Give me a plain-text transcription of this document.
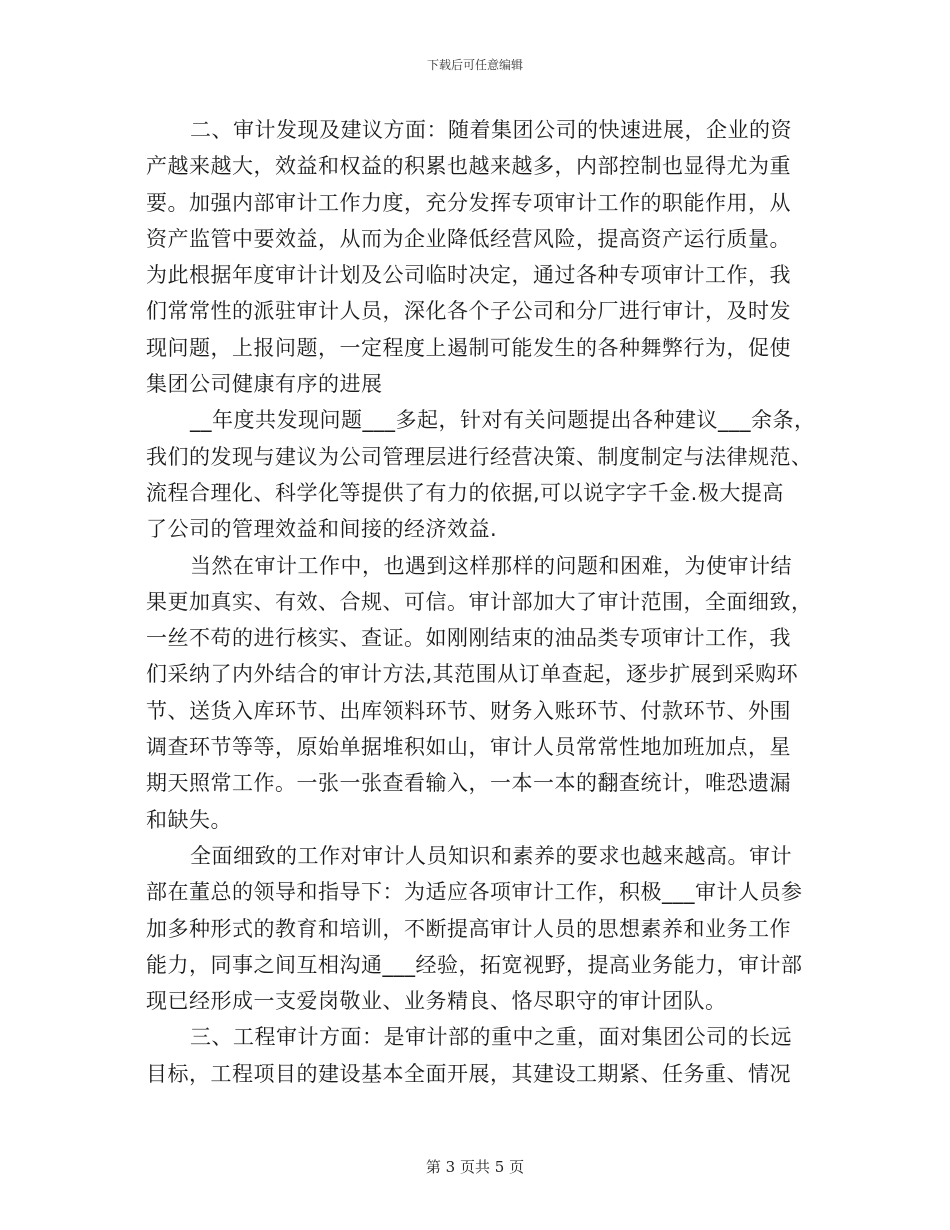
下载后可任意编辑
二、审计发现及建议方面：随着集团公司的快速进展，企业的资
产越来越大，效益和权益的积累也越来越多，内部控制也显得尤为重
要。加强内部审计工作力度，充分发挥专项审计工作的职能作用，从
资产监管中要效益，从而为企业降低经营风险，提高资产运行质量。
为此根据年度审计计划及公司临时决定，通过各种专项审计工作，我
们常常性的派驻审计人员，深化各个子公司和分厂进行审计，及时发
现问题，上报问题，一定程度上遏制可能发生的各种舞弊行为，促使
集团公司健康有序的进展
__年度共发现问题___多起，针对有关问题提出各种建议___余条，
我们的发现与建议为公司管理层进行经营决策、制度制定与法律规范、
流程合理化、科学化等提供了有力的依据,可以说字字千金.极大提高
了公司的管理效益和间接的经济效益.
当然在审计工作中，也遇到这样那样的问题和困难，为使审计结
果更加真实、有效、合规、可信。审计部加大了审计范围，全面细致，
一丝不苟的进行核实、查证。如刚刚结束的油品类专项审计工作，我
们采纳了内外结合的审计方法,其范围从订单查起，逐步扩展到采购环
节、送货入库环节、出库领料环节、财务入账环节、付款环节、外围
调查环节等等，原始单据堆积如山，审计人员常常性地加班加点，星
期天照常工作。一张一张查看输入，一本一本的翻查统计，唯恐遗漏
和缺失。
全面细致的工作对审计人员知识和素养的要求也越来越高。审计
部在董总的领导和指导下：为适应各项审计工作，积极___审计人员参
加多种形式的教育和培训，不断提高审计人员的思想素养和业务工作
能力，同事之间互相沟通___经验，拓宽视野，提高业务能力，审计部
现已经形成一支爱岗敬业、业务精良、恪尽职守的审计团队。
三、工程审计方面：是审计部的重中之重，面对集团公司的长远
目标，工程项目的建设基本全面开展，其建设工期紧、任务重、情况
第 3 页共 5 页
